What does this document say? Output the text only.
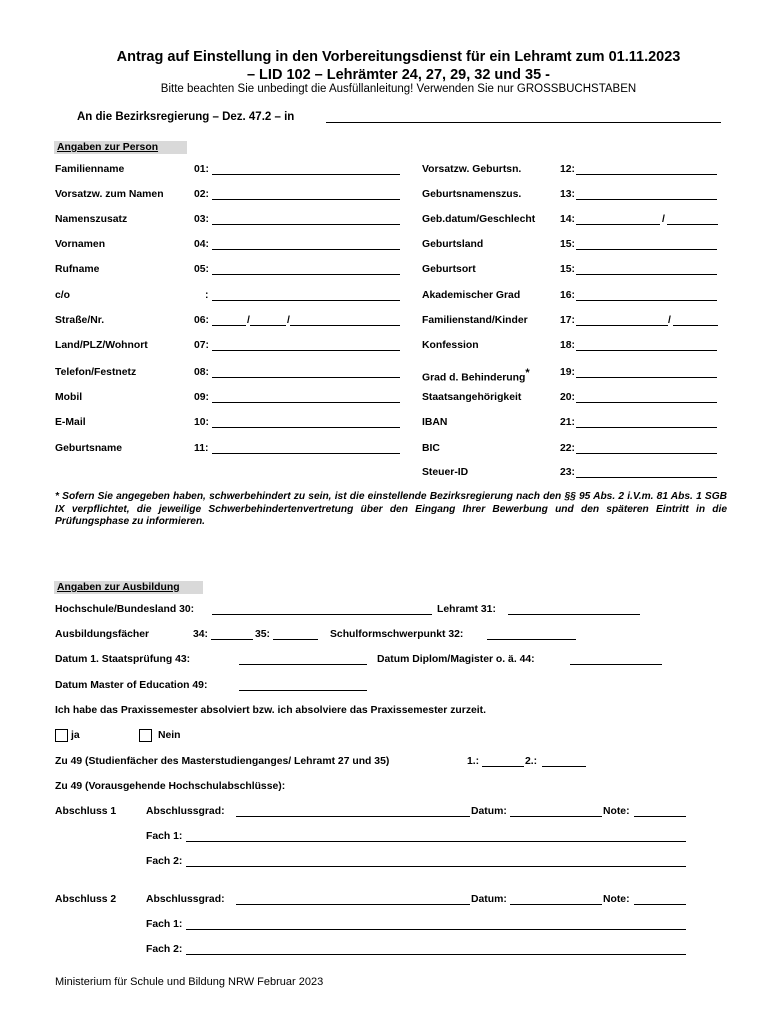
Antrag auf Einstellung in den Vorbereitungsdienst für ein Lehramt zum 01.11.2023
– LID 102 – Lehrämter 24, 27, 29, 32 und 35 -
Bitte beachten Sie unbedingt die Ausfüllanleitung! Verwenden Sie nur GROSSBUCHSTABEN
An die Bezirksregierung – Dez. 47.2 – in
Angaben zur Person
Familienname	01:
Vorsatzw. zum Namen	02:
Namenszusatz	03:
Vornamen	04:
Rufname	05:
c/o	:
Straße/Nr.	06:	/	/
Land/PLZ/Wohnort	07:
Telefon/Festnetz	08:
Mobil	09:
E-Mail	10:
Geburtsname	11:
Vorsatzw. Geburtsn.	12:
Geburtsnamenszus.	13:
Geb.datum/Geschlecht 14:	/
Geburtsland	15:
Geburtsort	15:
Akademischer Grad	16:
Familienstand/Kinder	17:	/
Konfession	18:
Grad d. Behinderung*	19:
Staatsangehörigkeit	20:
IBAN	21:
BIC	22:
Steuer-ID	23:
* Sofern Sie angegeben haben, schwerbehindert zu sein, ist die einstellende Bezirksregierung nach den §§ 95 Abs. 2 i.V.m. 81 Abs. 1 SGB IX verpflichtet, die jeweilige Schwerbehindertenvertretung über den Eingang Ihrer Bewerbung und den späteren Eintritt in die Prüfungsphase zu informieren.
Angaben zur Ausbildung
Hochschule/Bundesland 30:	Lehramt 31:
Ausbildungsfächer	34:	35:	Schulformschwerpunkt 32:
Datum 1. Staatsprüfung 43:	Datum Diplom/Magister o. ä. 44:
Datum Master of Education 49:
Ich habe das Praxissemester absolviert bzw. ich absolviere das Praxissemester zurzeit.
ja	Nein
Zu 49 (Studienfächer des Masterstudienganges/ Lehramt 27 und 35)	1.:	2.:
Zu 49 (Vorausgehende Hochschulabschlüsse):
Abschluss 1	Abschlussgrad:	Datum:	Note:
Fach 1:
Fach 2:
Abschluss 2	Abschlussgrad:	Datum:	Note:
Fach 1:
Fach 2:
Ministerium für Schule und Bildung NRW Februar 2023
